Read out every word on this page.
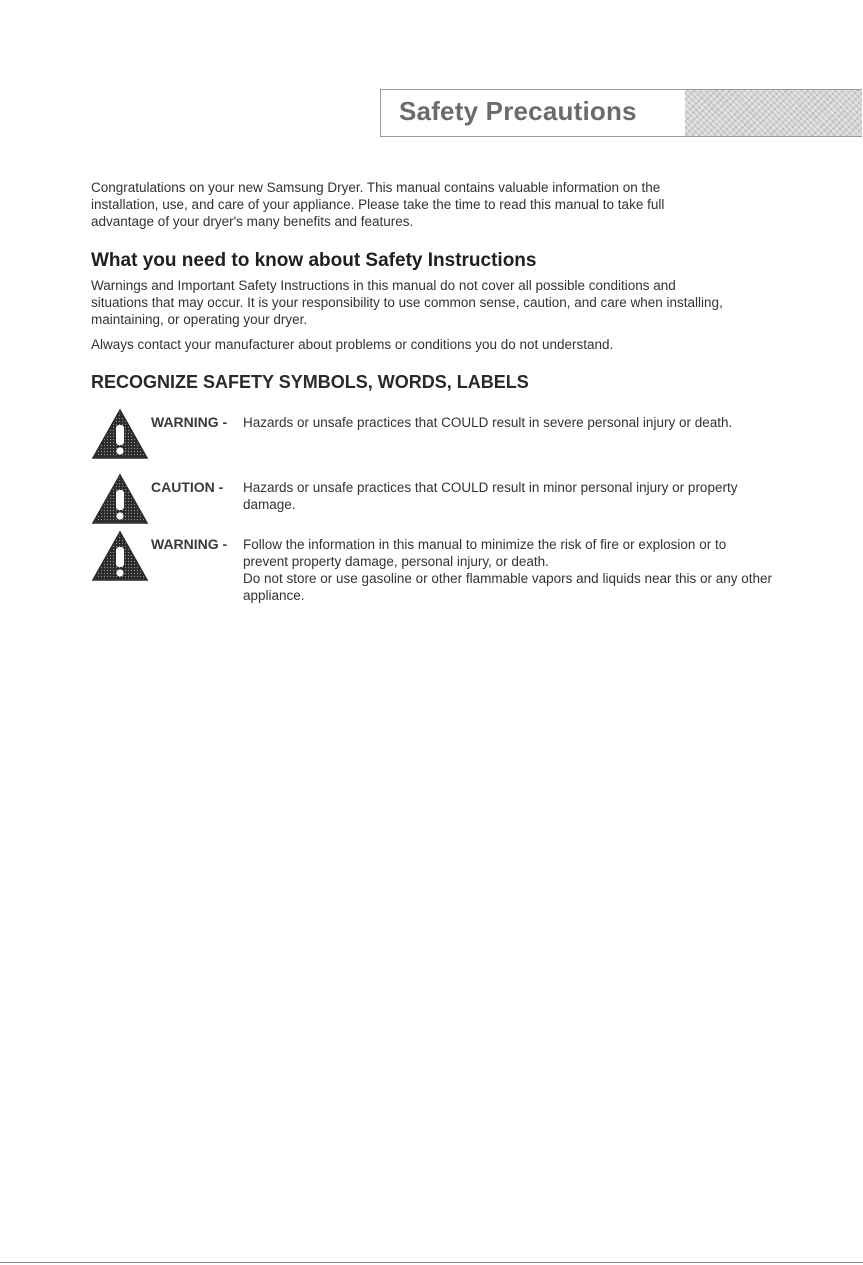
Safety Precautions

Congratulations on your new Samsung Dryer. This manual contains valuable information on the installation, use, and care of your appliance. Please take the time to read this manual to take full advantage of your dryer's many benefits and features.

What you need to know about Safety Instructions

Warnings and Important Safety Instructions in this manual do not cover all possible conditions and situations that may occur. It is your responsibility to use common sense, caution, and care when installing, maintaining, or operating your dryer.

Always contact your manufacturer about problems or conditions you do not understand.

RECOGNIZE SAFETY SYMBOLS, WORDS, LABELS
WARNING - Hazards or unsafe practices that COULD result in severe personal injury or death.
CAUTION - Hazards or unsafe practices that COULD result in minor personal injury or property damage.
WARNING - Follow the information in this manual to minimize the risk of fire or explosion or to prevent property damage, personal injury, or death.
Do not store or use gasoline or other flammable vapors and liquids near this or any other appliance.
